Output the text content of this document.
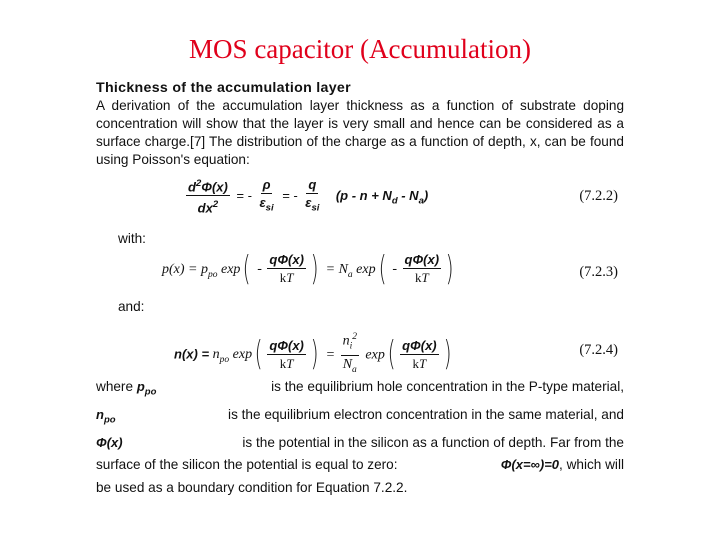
MOS capacitor (Accumulation)
Thickness of the accumulation layer

A derivation of the accumulation layer thickness as a function of substrate doping concentration will show that the layer is very small and hence can be considered as a surface charge.[7] The distribution of the charge as a function of depth, x, can be found using Poisson's equation:

$\frac{d^2\Phi(x)}{dx^2}$ = - $\frac{\rho}{\varepsilon_{si}}$ = - $\frac{q}{\varepsilon_{si}} (p - n + N_d - N_a)$	(7.2.2)
with:
$p(x) = p_{po}$ $\exp( - \frac{q\Phi(x)}{kT}$ ) = $N_a$ $\exp( - \frac{q\Phi(x)}{kT}$ )	(7.2.3)
and:
$n(x) = n_{po}$ $\exp( \frac{q\Phi(x)}{kT}$ ) = $\frac{n_i^2}{N_a} \exp( \frac{q\Phi(x)}{kT}$ )	(7.2.4)
where $p_{po}$	is the equilibrium hole concentration in the P-type material,
$n_{po}$	is the equilibrium electron concentration in the same material, and
Φ(x)	is the potential in the silicon as a function of depth. Far from the
surface of the silicon the potential is equal to zero:	Φ(x=∞)=0, which will
be used as a boundary condition for Equation 7.2.2.
